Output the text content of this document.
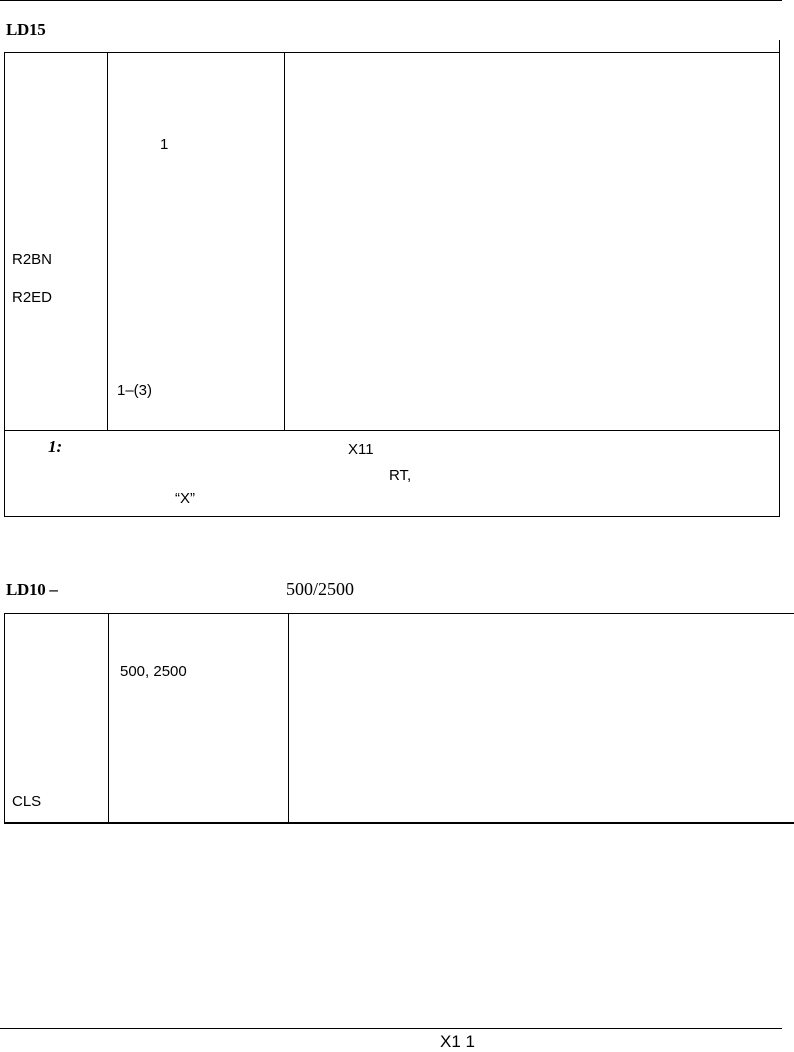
LD15
1
R2BN
R2ED
1–(3)
1:	X11
RT,
“X”
LD10 –	500/2500
500, 2500
CLS
X1 1
